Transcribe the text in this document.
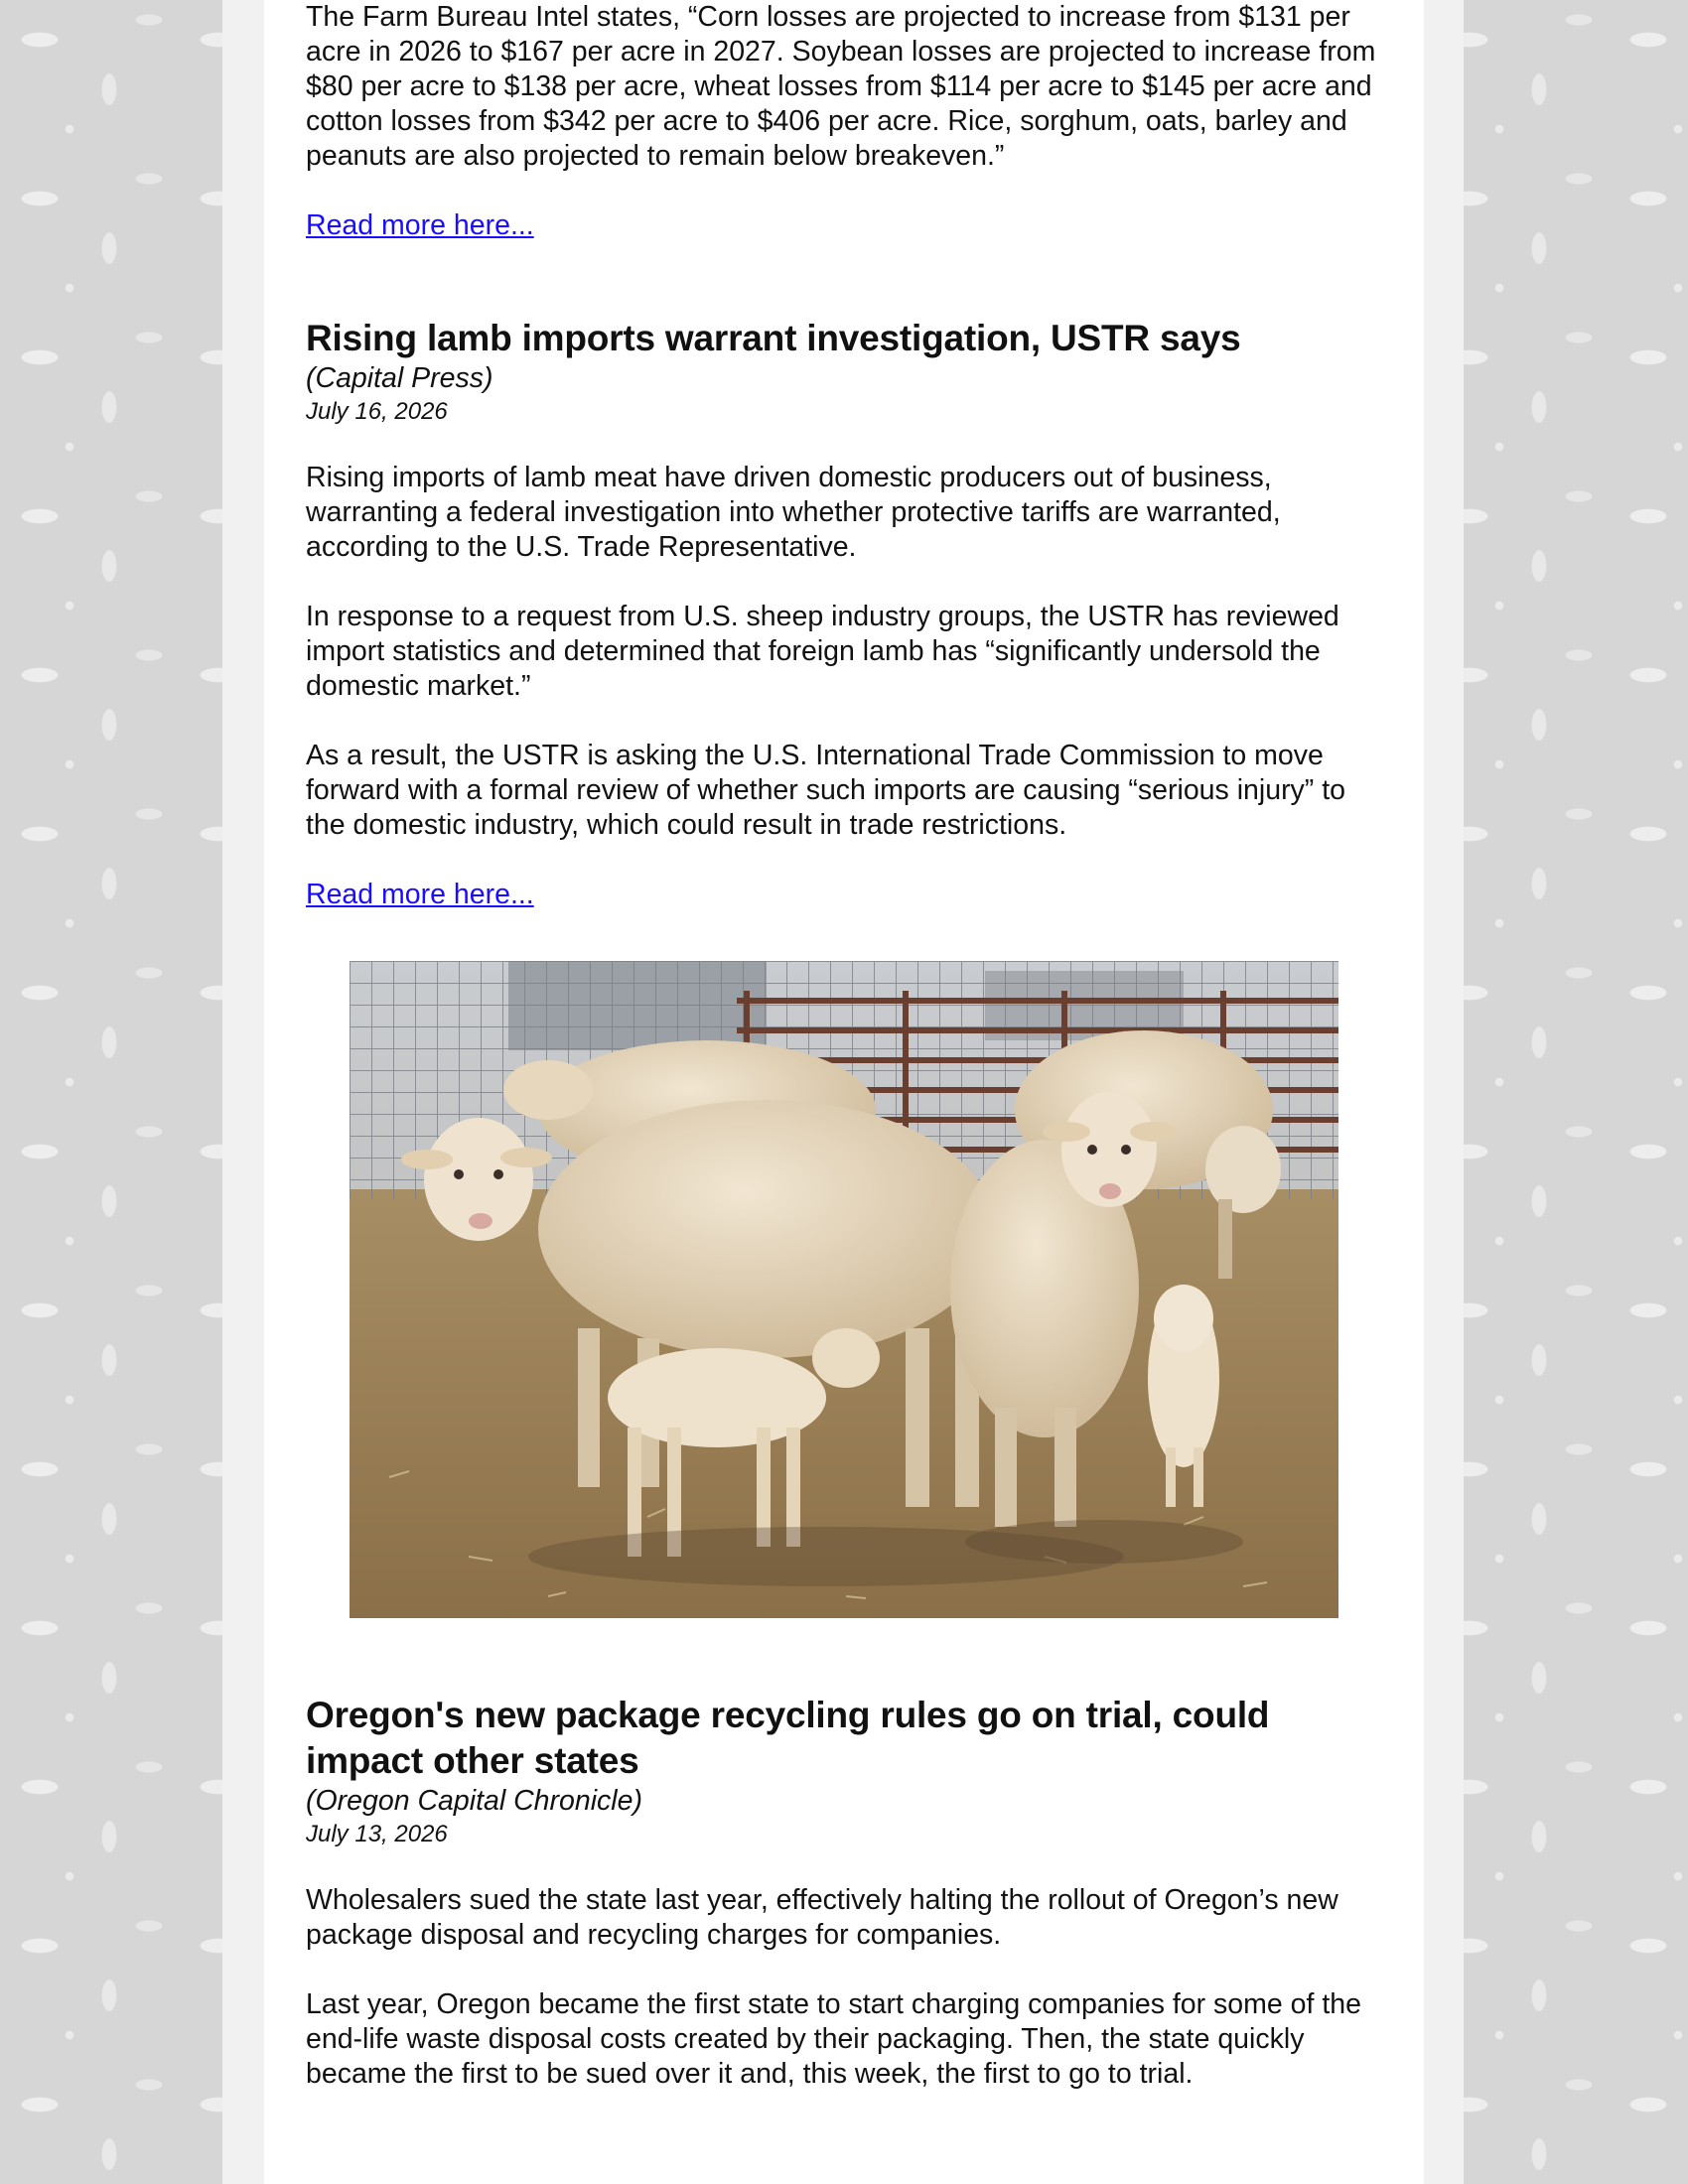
The Farm Bureau Intel states, “Corn losses are projected to increase from $131 per acre in 2026 to $167 per acre in 2027. Soybean losses are projected to increase from $80 per acre to $138 per acre, wheat losses from $114 per acre to $145 per acre and cotton losses from $342 per acre to $406 per acre. Rice, sorghum, oats, barley and peanuts are also projected to remain below breakeven.”

Read more here...
Rising lamb imports warrant investigation, USTR says
(Capital Press)
July 16, 2026

Rising imports of lamb meat have driven domestic producers out of business, warranting a federal investigation into whether protective tariffs are warranted, according to the U.S. Trade Representative.

In response to a request from U.S. sheep industry groups, the USTR has reviewed import statistics and determined that foreign lamb has “significantly undersold the domestic market.”

As a result, the USTR is asking the U.S. International Trade Commission to move forward with a formal review of whether such imports are causing “serious injury” to the domestic industry, which could result in trade restrictions.

Read more here...
Oregon's new package recycling rules go on trial, could impact other states
(Oregon Capital Chronicle)
July 13, 2026

Wholesalers sued the state last year, effectively halting the rollout of Oregon’s new package disposal and recycling charges for companies.

Last year, Oregon became the first state to start charging companies for some of the end-life waste disposal costs created by their packaging. Then, the state quickly became the first to be sued over it and, this week, the first to go to trial.
